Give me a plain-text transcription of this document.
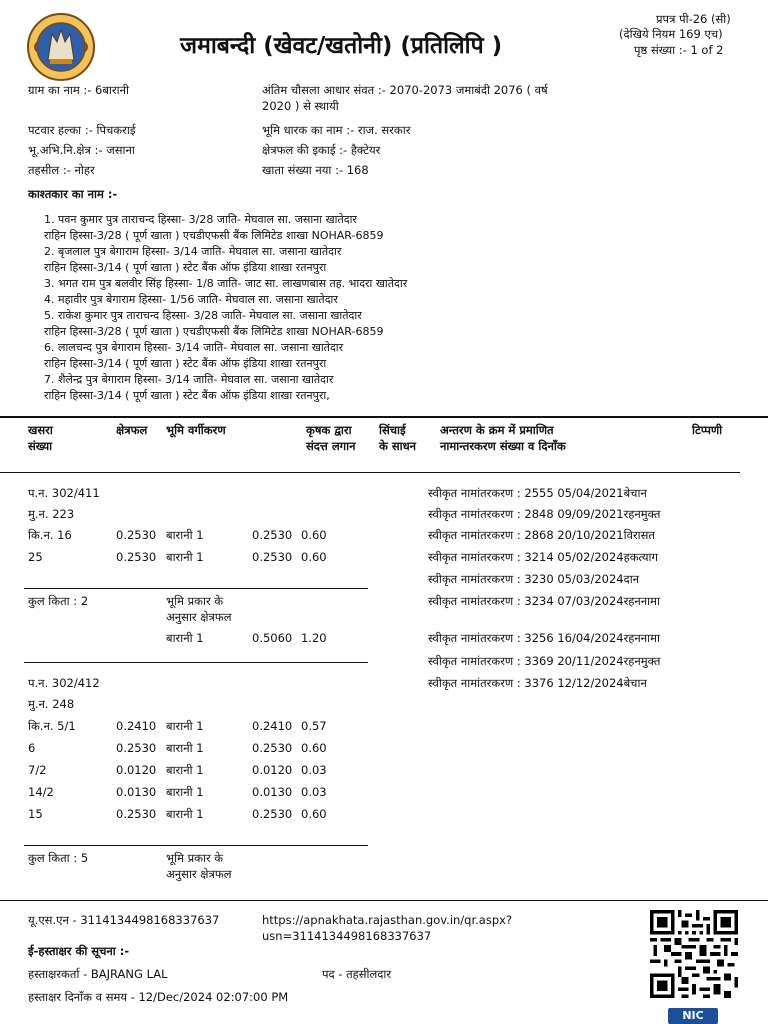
जमाबन्दी (खेवट/खतोनी) (प्रतिलिपि )
प्रपत्र पी-26 (सी)
(देखिये नियम 169 एच)
पृष्ठ संख्या :- 1 of 2
ग्राम का नाम :- 6बारानी	अंतिम चौसला आधार संवत :- 2070-2073 जमाबंदी 2076 ( वर्ष
2020 ) से स्थायी
पटवार हल्का :- पिचकराई	भूमि धारक का नाम :- राज. सरकार
भू.अभि.नि.क्षेत्र :- जसाना	क्षेत्रफल की इकाई :- हैक्टेयर
तहसील :- नोहर	खाता संख्या नया :- 168
काश्तकार का नाम :-
1. पवन कुमार पुत्र ताराचन्द हिस्सा- 3/28 जाति- मेघवाल सा. जसाना खातेदार
राहिन हिस्सा-3/28 ( पूर्ण खाता ) एचडीएफसी बैंक लिमिटेड शाखा NOHAR-6859
2. बृजलाल पुत्र बेगाराम हिस्सा- 3/14 जाति- मेघवाल सा. जसाना खातेदार
राहिन हिस्सा-3/14 ( पूर्ण खाता ) स्टेट बैंक ऑफ इंडिया शाखा रतनपुरा
3. भगत राम पुत्र बलवीर सिंह हिस्सा- 1/8 जाति- जाट सा. लाखणबास तह. भादरा खातेदार
4. महावीर पुत्र बेगाराम हिस्सा- 1/56 जाति- मेघवाल सा. जसाना खातेदार
5. राकेश कुमार पुत्र ताराचन्द हिस्सा- 3/28 जाति- मेघवाल सा. जसाना खातेदार
राहिन हिस्सा-3/28 ( पूर्ण खाता ) एचडीएफसी बैंक लिमिटेड शाखा NOHAR-6859
6. लालचन्द पुत्र बेगाराम हिस्सा- 3/14 जाति- मेघवाल सा. जसाना खातेदार
राहिन हिस्सा-3/14 ( पूर्ण खाता ) स्टेट बैंक ऑफ इंडिया शाखा रतनपुरा
7. शैलेन्द्र पुत्र बेगाराम हिस्सा- 3/14 जाति- मेघवाल सा. जसाना खातेदार
राहिन हिस्सा-3/14 ( पूर्ण खाता ) स्टेट बैंक ऑफ इंडिया शाखा रतनपुरा,
खसरा
संख्या
क्षेत्रफल भूमि वर्गीकरण	कृषक द्वारा
संदत्त लगान
सिंचाई
के साधन
अन्तरण के क्रम में प्रमाणित
नामान्तरकरण संख्या व दिनाँक
टिप्पणी
प.न. 302/411
मु.न. 223
कि.न. 16	0.2530 बारानी 1	0.2530 0.60
25	0.2530 बारानी 1	0.2530 0.60
कुल किता : 2	भूमि प्रकार के
अनुसार क्षेत्रफल
बारानी 1	0.5060 1.20
स्वीकृत नामांतरकरण : 2555 05/04/2021बेचान
स्वीकृत नामांतरकरण : 2848 09/09/2021रहनमुक्त
स्वीकृत नामांतरकरण : 2868 20/10/2021विरासत
स्वीकृत नामांतरकरण : 3214 05/02/2024हकत्याग
स्वीकृत नामांतरकरण : 3230 05/03/2024दान
स्वीकृत नामांतरकरण : 3234 07/03/2024रहननामा
स्वीकृत नामांतरकरण : 3256 16/04/2024रहननामा
स्वीकृत नामांतरकरण : 3369 20/11/2024रहनमुक्त
स्वीकृत नामांतरकरण : 3376 12/12/2024बेचान
प.न. 302/412
मु.न. 248
कि.न. 5/1	0.2410 बारानी 1	0.2410 0.57
6	0.2530 बारानी 1	0.2530 0.60
7/2	0.0120 बारानी 1	0.0120 0.03
14/2	0.0130 बारानी 1	0.0130 0.03
15	0.2530 बारानी 1	0.2530 0.60
कुल किता : 5	भूमि प्रकार के
अनुसार क्षेत्रफल
यू.एस.एन - 3114134498168337637	https://apnakhata.rajasthan.gov.in/qr.aspx?
usn=3114134498168337637
ई-हस्ताक्षर की सूचना :-
हस्ताक्षरकर्ता - BAJRANG LAL	पद - तहसीलदार
हस्ताक्षर दिनाँक व समय - 12/Dec/2024 02:07:00 PM
NIC
